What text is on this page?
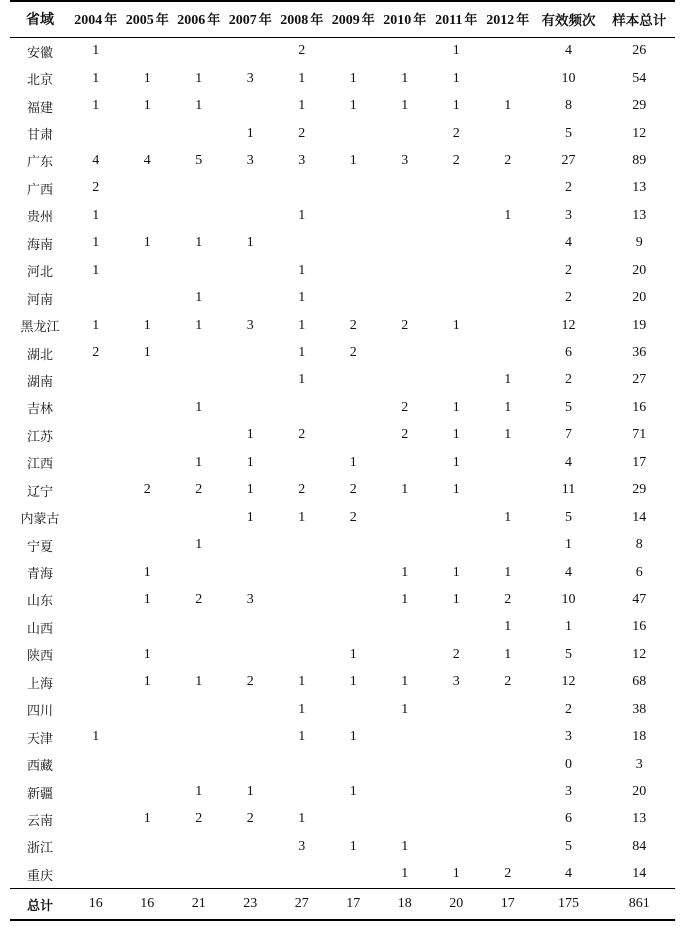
省域	2004 年	2005 年	2006 年	2007 年	2008 年	2009 年	2010 年	2011 年	2012 年	有效频次	样本总计
安徽	1				2			1		4	26
北京	1	1	1	3	1	1	1	1		10	54
福建	1	1	1		1	1	1	1	1	8	29
甘肃				1	2			2		5	12
广东	4	4	5	3	3	1	3	2	2	27	89
广西	2									2	13
贵州	1				1				1	3	13
海南	1	1	1	1						4	9
河北	1				1					2	20
河南			1		1					2	20
黑龙江	1	1	1	3	1	2	2	1		12	19
湖北	2	1			1	2				6	36
湖南					1				1	2	27
吉林			1				2	1	1	5	16
江苏				1	2		2	1	1	7	71
江西			1	1		1		1		4	17
辽宁		2	2	1	2	2	1	1		11	29
内蒙古				1	1	2			1	5	14
宁夏			1							1	8
青海		1					1	1	1	4	6
山东		1	2	3			1	1	2	10	47
山西									1	1	16
陕西		1				1		2	1	5	12
上海		1	1	2	1	1	1	3	2	12	68
四川					1		1			2	38
天津	1				1	1				3	18
西藏										0	3
新疆			1	1		1				3	20
云南		1	2	2	1					6	13
浙江					3	1	1			5	84
重庆							1	1	2	4	14
总计	16	16	21	23	27	17	18	20	17	175	861
